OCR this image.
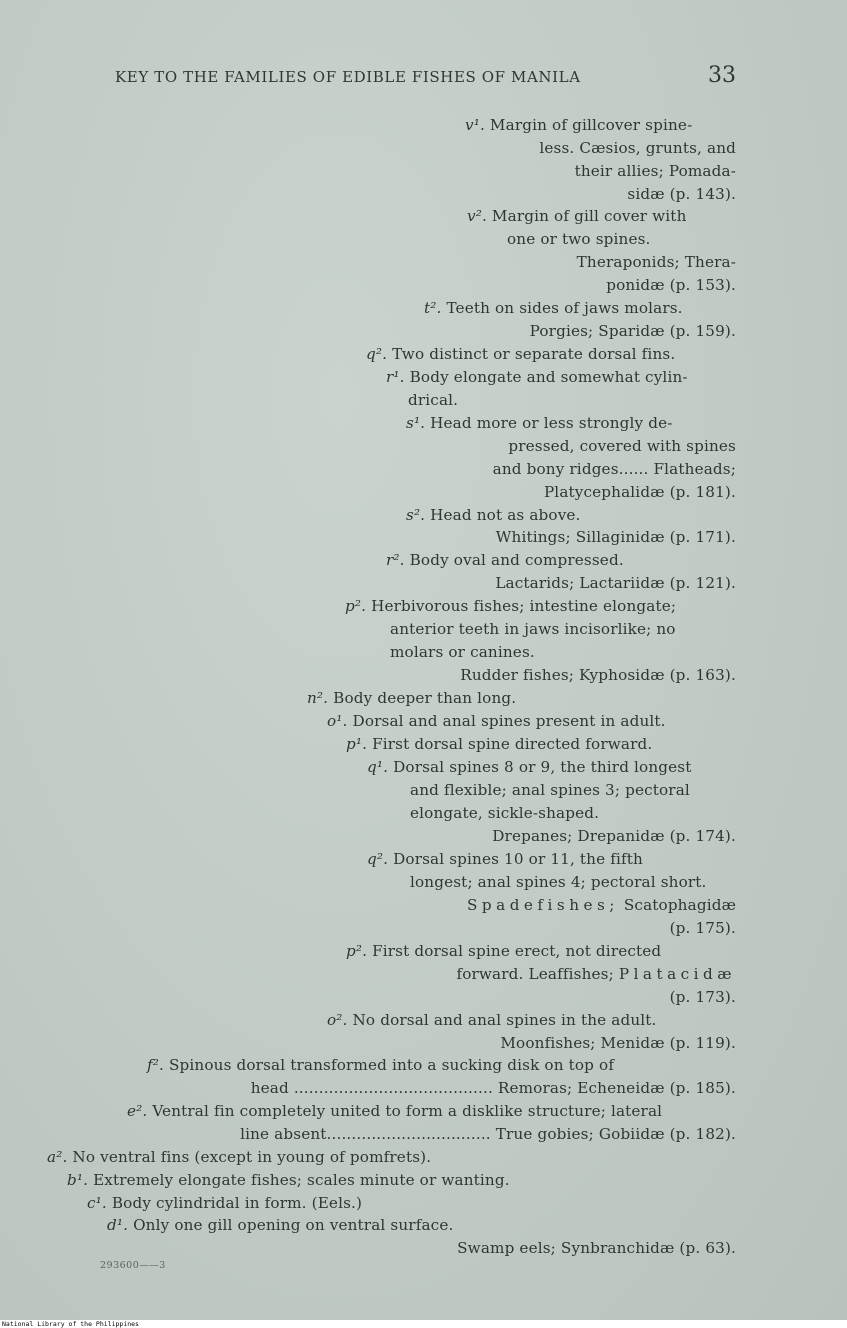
KEY TO THE FAMILIES OF EDIBLE FISHES OF MANILA	33
v¹. Margin of gillcover spine-
less. Cæsios, grunts, and
their allies; Pomada-
sidæ (p. 143).
v². Margin of gill cover with
one or two spines.
Theraponids; Thera-
ponidæ (p. 153).
t². Teeth on sides of jaws molars.
Porgies; Sparidæ (p. 159).
q². Two distinct or separate dorsal fins.
r¹. Body elongate and somewhat cylin-
drical.
s¹. Head more or less strongly de-
pressed, covered with spines
and bony ridges...... Flatheads;
Platycephalidæ (p. 181).
s². Head not as above.
Whitings; Sillaginidæ (p. 171).
r². Body oval and compressed.
Lactarids; Lactariidæ (p. 121).
p². Herbivorous fishes; intestine elongate;
anterior teeth in jaws incisorlike; no
molars or canines.
Rudder fishes; Kyphosidæ (p. 163).
n². Body deeper than long.
o¹. Dorsal and anal spines present in adult.
p¹. First dorsal spine directed forward.
q¹. Dorsal spines 8 or 9, the third longest
and flexible; anal spines 3; pectoral
elongate, sickle-shaped.
Drepanes; Drepanidæ (p. 174).
q². Dorsal spines 10 or 11, the fifth
longest; anal spines 4; pectoral short.
Spadefishes; Scatophagidæ
(p. 175).
p². First dorsal spine erect, not directed
forward. Leaffishes; Platacidæ
(p. 173).
o². No dorsal and anal spines in the adult.
Moonfishes; Menidæ (p. 119).
f². Spinous dorsal transformed into a sucking disk on top of
head ........................................ Remoras; Echeneidæ (p. 185).
e². Ventral fin completely united to form a disklike structure; lateral
line absent................................. True gobies; Gobiidæ (p. 182).
a². No ventral fins (except in young of pomfrets).
b¹. Extremely elongate fishes; scales minute or wanting.
c¹. Body cylindridal in form. (Eels.)
d¹. Only one gill opening on ventral surface.
Swamp eels; Synbranchidæ (p. 63).
293600——3
National Library of the Philippines
